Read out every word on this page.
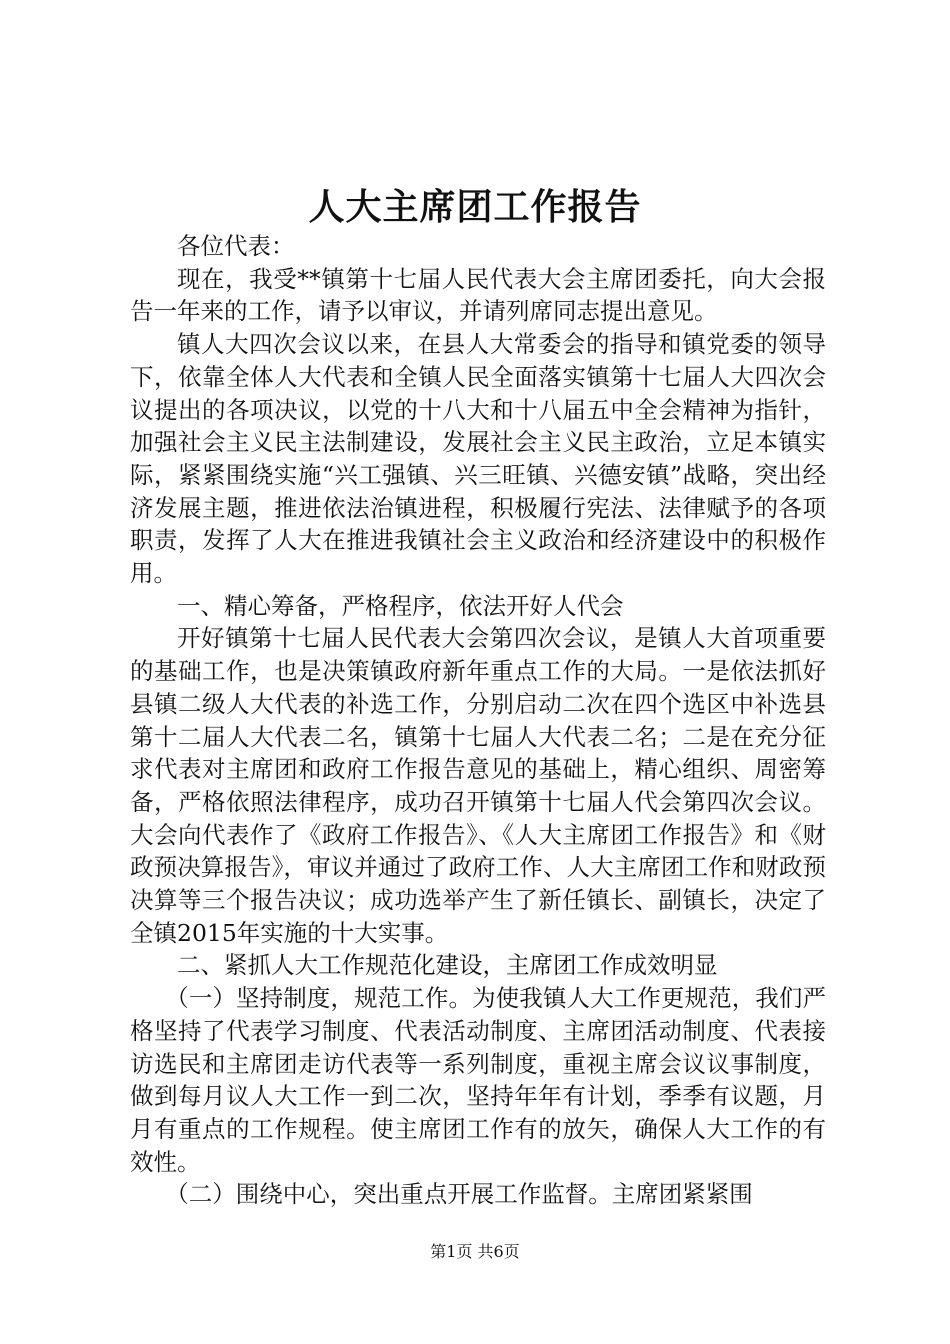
人大主席团工作报告

各位代表：

现在，我受**镇第十七届人民代表大会主席团委托，向大会报告一年来的工作，请予以审议，并请列席同志提出意见。

镇人大四次会议以来，在县人大常委会的指导和镇党委的领导下，依靠全体人大代表和全镇人民全面落实镇第十七届人大四次会议提出的各项决议，以党的十八大和十八届五中全会精神为指针，加强社会主义民主法制建设，发展社会主义民主政治，立足本镇实际，紧紧围绕实施“兴工强镇、兴三旺镇、兴德安镇”战略，突出经济发展主题，推进依法治镇进程，积极履行宪法、法律赋予的各项职责，发挥了人大在推进我镇社会主义政治和经济建设中的积极作用。

一、精心筹备，严格程序，依法开好人代会

开好镇第十七届人民代表大会第四次会议，是镇人大首项重要的基础工作，也是决策镇政府新年重点工作的大局。一是依法抓好县镇二级人大代表的补选工作，分别启动二次在四个选区中补选县第十二届人大代表二名，镇第十七届人大代表二名；二是在充分征求代表对主席团和政府工作报告意见的基础上，精心组织、周密筹备，严格依照法律程序，成功召开镇第十七届人代会第四次会议。大会向代表作了《政府工作报告》、《人大主席团工作报告》和《财政预决算报告》，审议并通过了政府工作、人大主席团工作和财政预决算等三个报告决议；成功选举产生了新任镇长、副镇长，决定了全镇2015年实施的十大实事。

二、紧抓人大工作规范化建设，主席团工作成效明显

（一）坚持制度，规范工作。为使我镇人大工作更规范，我们严格坚持了代表学习制度、代表活动制度、主席团活动制度、代表接访选民和主席团走访代表等一系列制度，重视主席会议议事制度，做到每月议人大工作一到二次，坚持年年有计划，季季有议题，月月有重点的工作规程。使主席团工作有的放矢，确保人大工作的有效性。

（二）围绕中心，突出重点开展工作监督。主席团紧紧围

第1页 共6页
